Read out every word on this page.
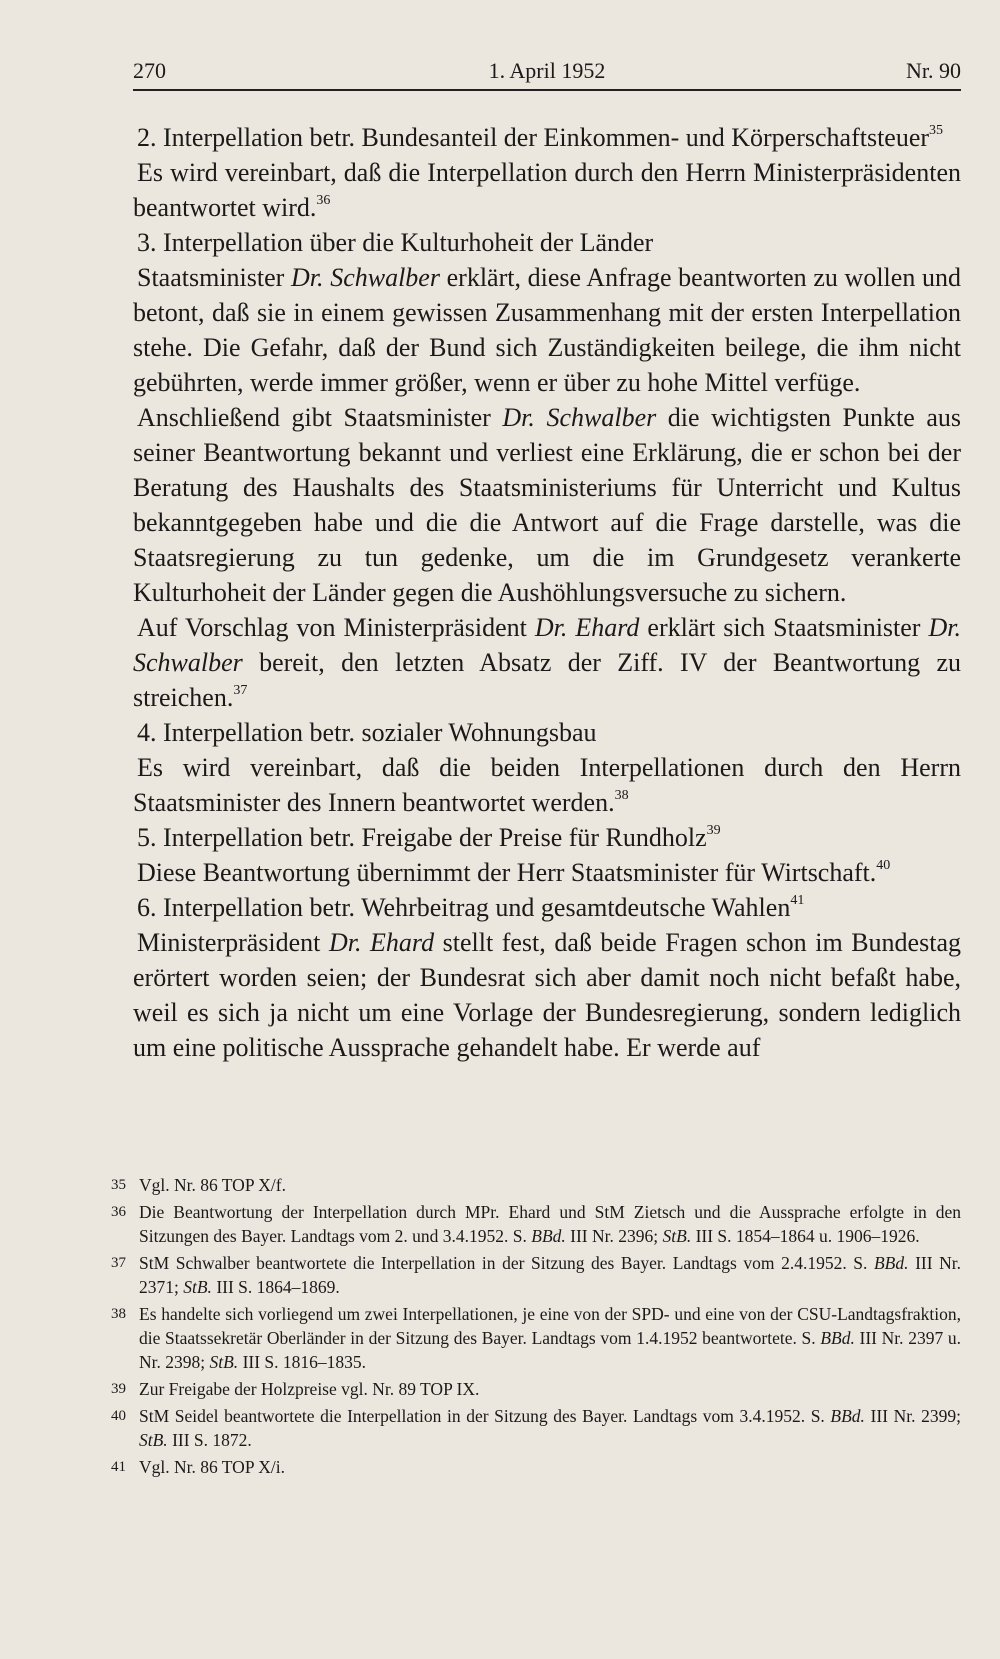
270	1. April 1952	Nr. 90

2. Interpellation betr. Bundesanteil der Einkommen- und Körperschaftsteuer$^{35}$

Es wird vereinbart, daß die Interpellation durch den Herrn Ministerpräsidenten beantwortet wird.$^{36}$

3. Interpellation über die Kulturhoheit der Länder

Staatsminister Dr. Schwalber erklärt, diese Anfrage beantworten zu wollen und betont, daß sie in einem gewissen Zusammenhang mit der ersten Interpellation stehe. Die Gefahr, daß der Bund sich Zuständigkeiten beilege, die ihm nicht gebührten, werde immer größer, wenn er über zu hohe Mittel verfüge.

Anschließend gibt Staatsminister Dr. Schwalber die wichtigsten Punkte aus seiner Beantwortung bekannt und verliest eine Erklärung, die er schon bei der Beratung des Haushalts des Staatsministeriums für Unterricht und Kultus bekanntgegeben habe und die die Antwort auf die Frage darstelle, was die Staatsregierung zu tun gedenke, um die im Grundgesetz verankerte Kulturhoheit der Länder gegen die Aushöhlungsversuche zu sichern.

Auf Vorschlag von Ministerpräsident Dr. Ehard erklärt sich Staatsminister Dr. Schwalber bereit, den letzten Absatz der Ziff. IV der Beantwortung zu streichen.$^{37}$

4. Interpellation betr. sozialer Wohnungsbau

Es wird vereinbart, daß die beiden Interpellationen durch den Herrn Staatsminister des Innern beantwortet werden.$^{38}$

5. Interpellation betr. Freigabe der Preise für Rundholz$^{39}$

Diese Beantwortung übernimmt der Herr Staatsminister für Wirtschaft.$^{40}$

6. Interpellation betr. Wehrbeitrag und gesamtdeutsche Wahlen$^{41}$

Ministerpräsident Dr. Ehard stellt fest, daß beide Fragen schon im Bundestag erörtert worden seien; der Bundesrat sich aber damit noch nicht befaßt habe, weil es sich ja nicht um eine Vorlage der Bundesregierung, sondern lediglich um eine politische Aussprache gehandelt habe. Er werde auf

35 Vgl. Nr. 86 TOP X/f.

36 Die Beantwortung der Interpellation durch MPr. Ehard und StM Zietsch und die Aussprache erfolgte in den Sitzungen des Bayer. Landtags vom 2. und 3.4.1952. S. BBd. III Nr. 2396; StB. III S. 1854–1864 u. 1906–1926.

37 StM Schwalber beantwortete die Interpellation in der Sitzung des Bayer. Landtags vom 2.4.1952. S. BBd. III Nr. 2371; StB. III S. 1864–1869.

38 Es handelte sich vorliegend um zwei Interpellationen, je eine von der SPD- und eine von der CSU-Landtagsfraktion, die Staatssekretär Oberländer in der Sitzung des Bayer. Landtags vom 1.4.1952 beantwortete. S. BBd. III Nr. 2397 u. Nr. 2398; StB. III S. 1816–1835.

39 Zur Freigabe der Holzpreise vgl. Nr. 89 TOP IX.

40 StM Seidel beantwortete die Interpellation in der Sitzung des Bayer. Landtags vom 3.4.1952. S. BBd. III Nr. 2399; StB. III S. 1872.

41 Vgl. Nr. 86 TOP X/i.
